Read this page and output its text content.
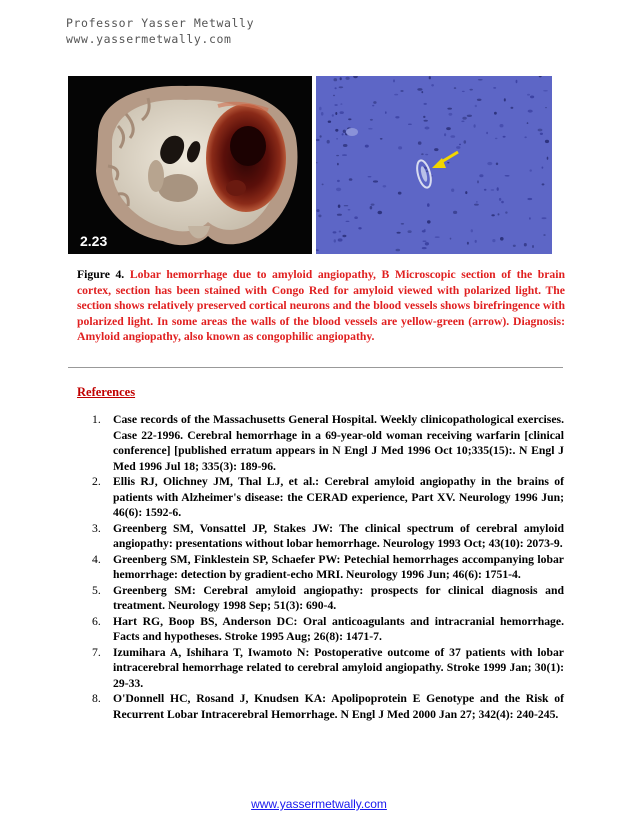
Professor Yasser Metwally
www.yassermetwally.com
2.23
Figure 4. Lobar hemorrhage due to amyloid angiopathy, B Microscopic section of the brain cortex, section has been stained with Congo Red for amyloid viewed with polarized light. The section shows relatively preserved cortical neurons and the blood vessels shows birefringence with polarized light. In some areas the walls of the blood vessels are yellow-green (arrow). Diagnosis: Amyloid angiopathy, also known as congophilic angiopathy.
References
1. Case records of the Massachusetts General Hospital. Weekly clinicopathological exercises. Case 22-1996. Cerebral hemorrhage in a 69-year-old woman receiving warfarin [clinical conference] [published erratum appears in N Engl J Med 1996 Oct 10;335(15):. N Engl J Med 1996 Jul 18; 335(3): 189-96.
2. Ellis RJ, Olichney JM, Thal LJ, et al.: Cerebral amyloid angiopathy in the brains of patients with Alzheimer's disease: the CERAD experience, Part XV. Neurology 1996 Jun; 46(6): 1592-6.
3. Greenberg SM, Vonsattel JP, Stakes JW: The clinical spectrum of cerebral amyloid angiopathy: presentations without lobar hemorrhage. Neurology 1993 Oct; 43(10): 2073-9.
4. Greenberg SM, Finklestein SP, Schaefer PW: Petechial hemorrhages accompanying lobar hemorrhage: detection by gradient-echo MRI. Neurology 1996 Jun; 46(6): 1751-4.
5. Greenberg SM: Cerebral amyloid angiopathy: prospects for clinical diagnosis and treatment. Neurology 1998 Sep; 51(3): 690-4.
6. Hart RG, Boop BS, Anderson DC: Oral anticoagulants and intracranial hemorrhage. Facts and hypotheses. Stroke 1995 Aug; 26(8): 1471-7.
7. Izumihara A, Ishihara T, Iwamoto N: Postoperative outcome of 37 patients with lobar intracerebral hemorrhage related to cerebral amyloid angiopathy. Stroke 1999 Jan; 30(1): 29-33.
8. O'Donnell HC, Rosand J, Knudsen KA: Apolipoprotein E Genotype and the Risk of Recurrent Lobar Intracerebral Hemorrhage. N Engl J Med 2000 Jan 27; 342(4): 240-245.
www.yassermetwally.com
